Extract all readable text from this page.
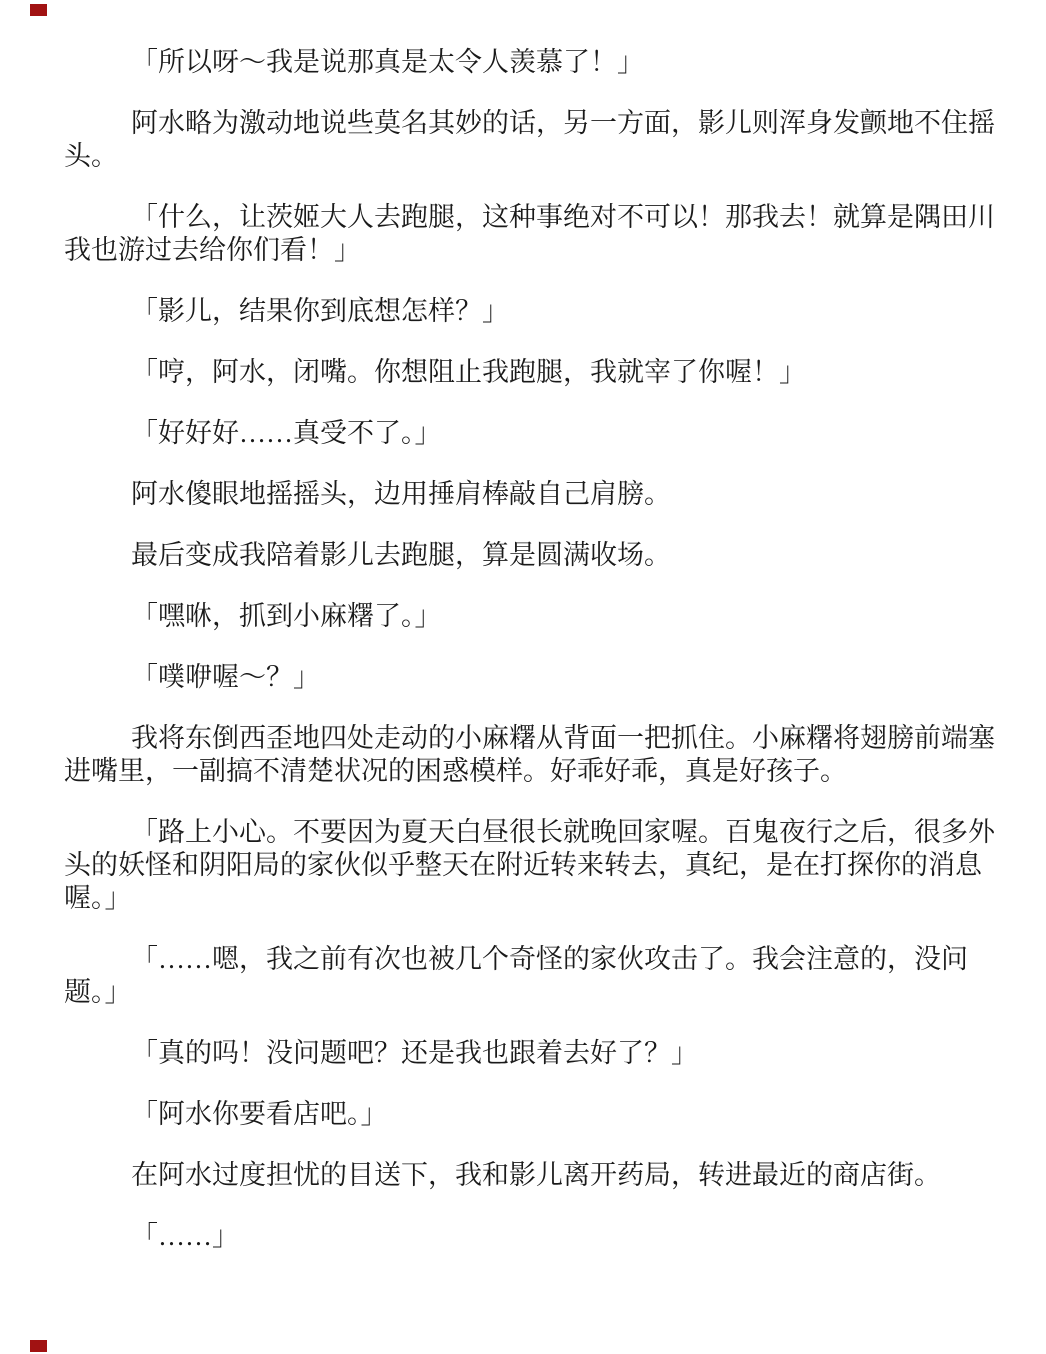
「所以呀～我是说那真是太令人羡慕了！」

阿水略为激动地说些莫名其妙的话，另一方面，影儿则浑身发颤地不住摇
头。

「什么，让茨姬大人去跑腿，这种事绝对不可以！那我去！就算是隅田川
我也游过去给你们看！」

「影儿，结果你到底想怎样？」

「哼，阿水，闭嘴。你想阻止我跑腿，我就宰了你喔！」

「好好好……真受不了。」

阿水傻眼地摇摇头，边用捶肩棒敲自己肩膀。

最后变成我陪着影儿去跑腿，算是圆满收场。

「嘿咻，抓到小麻糬了。」

「噗咿喔～？」

我将东倒西歪地四处走动的小麻糬从背面一把抓住。小麻糬将翅膀前端塞
进嘴里，一副搞不清楚状况的困惑模样。好乖好乖，真是好孩子。

「路上小心。不要因为夏天白昼很长就晚回家喔。百鬼夜行之后，很多外
头的妖怪和阴阳局的家伙似乎整天在附近转来转去，真纪，是在打探你的消息
喔。」

「……嗯，我之前有次也被几个奇怪的家伙攻击了。我会注意的，没问
题。」

「真的吗！没问题吧？还是我也跟着去好了？」

「阿水你要看店吧。」

在阿水过度担忧的目送下，我和影儿离开药局，转进最近的商店街。

「……」
